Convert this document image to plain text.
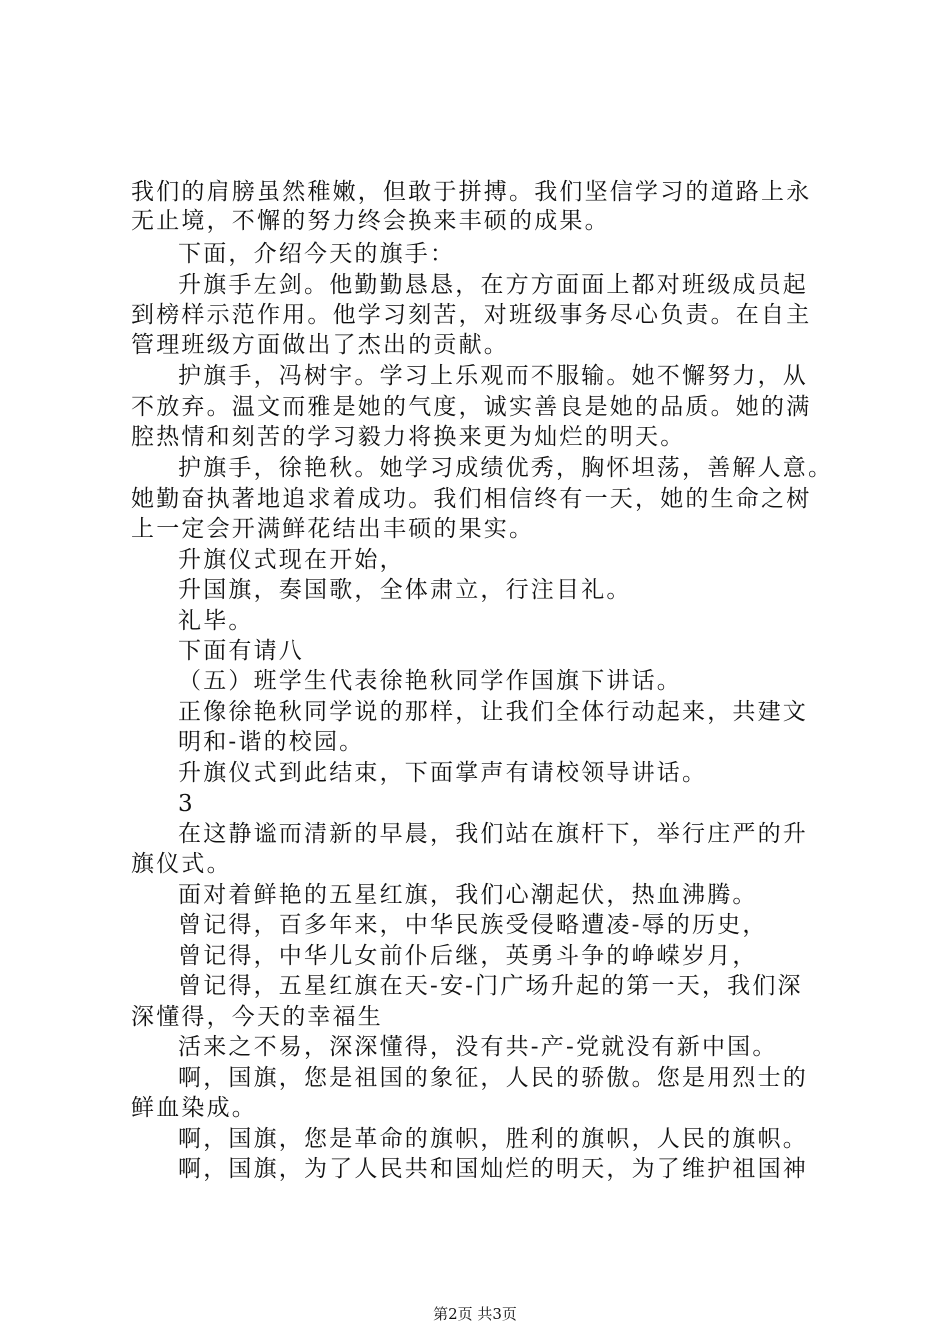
我们的肩膀虽然稚嫩，但敢于拼搏。我们坚信学习的道路上永
无止境，不懈的努力终会换来丰硕的成果。
下面，介绍今天的旗手：
升旗手左剑。他勤勤恳恳，在方方面面上都对班级成员起
到榜样示范作用。他学习刻苦，对班级事务尽心负责。在自主
管理班级方面做出了杰出的贡献。
护旗手，冯树宇。学习上乐观而不服输。她不懈努力，从
不放弃。温文而雅是她的气度，诚实善良是她的品质。她的满
腔热情和刻苦的学习毅力将换来更为灿烂的明天。
护旗手，徐艳秋。她学习成绩优秀，胸怀坦荡，善解人意。
她勤奋执著地追求着成功。我们相信终有一天，她的生命之树
上一定会开满鲜花结出丰硕的果实。
升旗仪式现在开始，
升国旗，奏国歌，全体肃立，行注目礼。
礼毕。
下面有请八
（五）班学生代表徐艳秋同学作国旗下讲话。
正像徐艳秋同学说的那样，让我们全体行动起来，共建文
明和-谐的校园。
升旗仪式到此结束，下面掌声有请校领导讲话。
3
在这静谧而清新的早晨，我们站在旗杆下，举行庄严的升
旗仪式。
面对着鲜艳的五星红旗，我们心潮起伏，热血沸腾。
曾记得，百多年来，中华民族受侵略遭凌-辱的历史，
曾记得，中华儿女前仆后继，英勇斗争的峥嵘岁月，
曾记得，五星红旗在天-安-门广场升起的第一天，我们深
深懂得，今天的幸福生
活来之不易，深深懂得，没有共-产-党就没有新中国。
啊，国旗，您是祖国的象征，人民的骄傲。您是用烈士的
鲜血染成。
啊，国旗，您是革命的旗帜，胜利的旗帜，人民的旗帜。
啊，国旗，为了人民共和国灿烂的明天，为了维护祖国神
第2页 共3页
